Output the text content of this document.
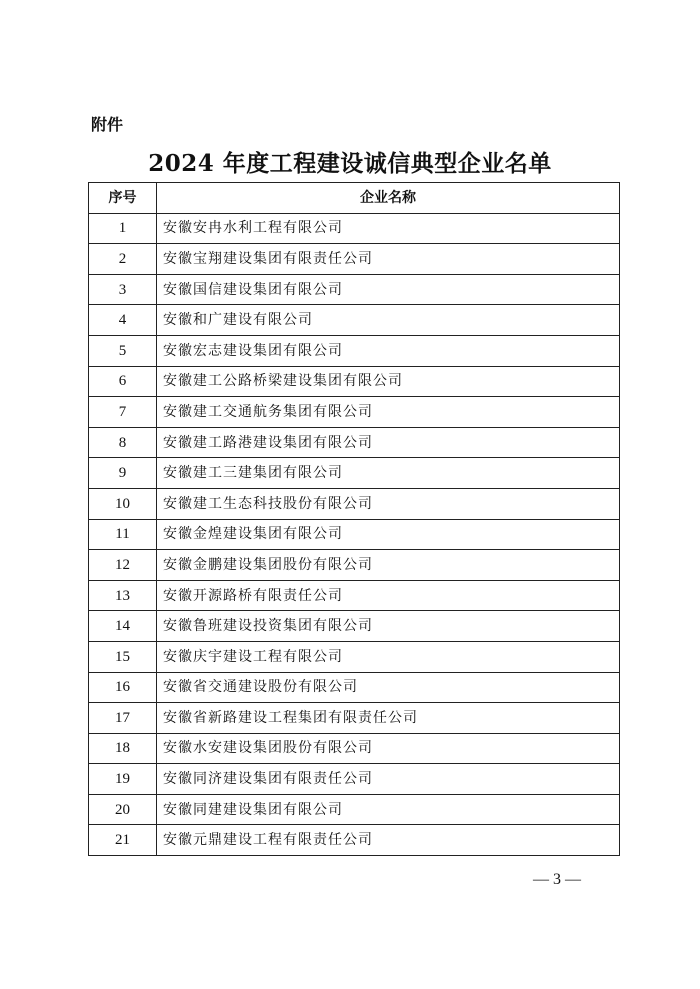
附件
2024 年度工程建设诚信典型企业名单
序号	企业名称
1	安徽安冉水利工程有限公司
2	安徽宝翔建设集团有限责任公司
3	安徽国信建设集团有限公司
4	安徽和广建设有限公司
5	安徽宏志建设集团有限公司
6	安徽建工公路桥梁建设集团有限公司
7	安徽建工交通航务集团有限公司
8	安徽建工路港建设集团有限公司
9	安徽建工三建集团有限公司
10	安徽建工生态科技股份有限公司
11	安徽金煌建设集团有限公司
12	安徽金鹏建设集团股份有限公司
13	安徽开源路桥有限责任公司
14	安徽鲁班建设投资集团有限公司
15	安徽庆宇建设工程有限公司
16	安徽省交通建设股份有限公司
17	安徽省新路建设工程集团有限责任公司
18	安徽水安建设集团股份有限公司
19	安徽同济建设集团有限责任公司
20	安徽同建建设集团有限公司
21	安徽元鼎建设工程有限责任公司
— 3 —
